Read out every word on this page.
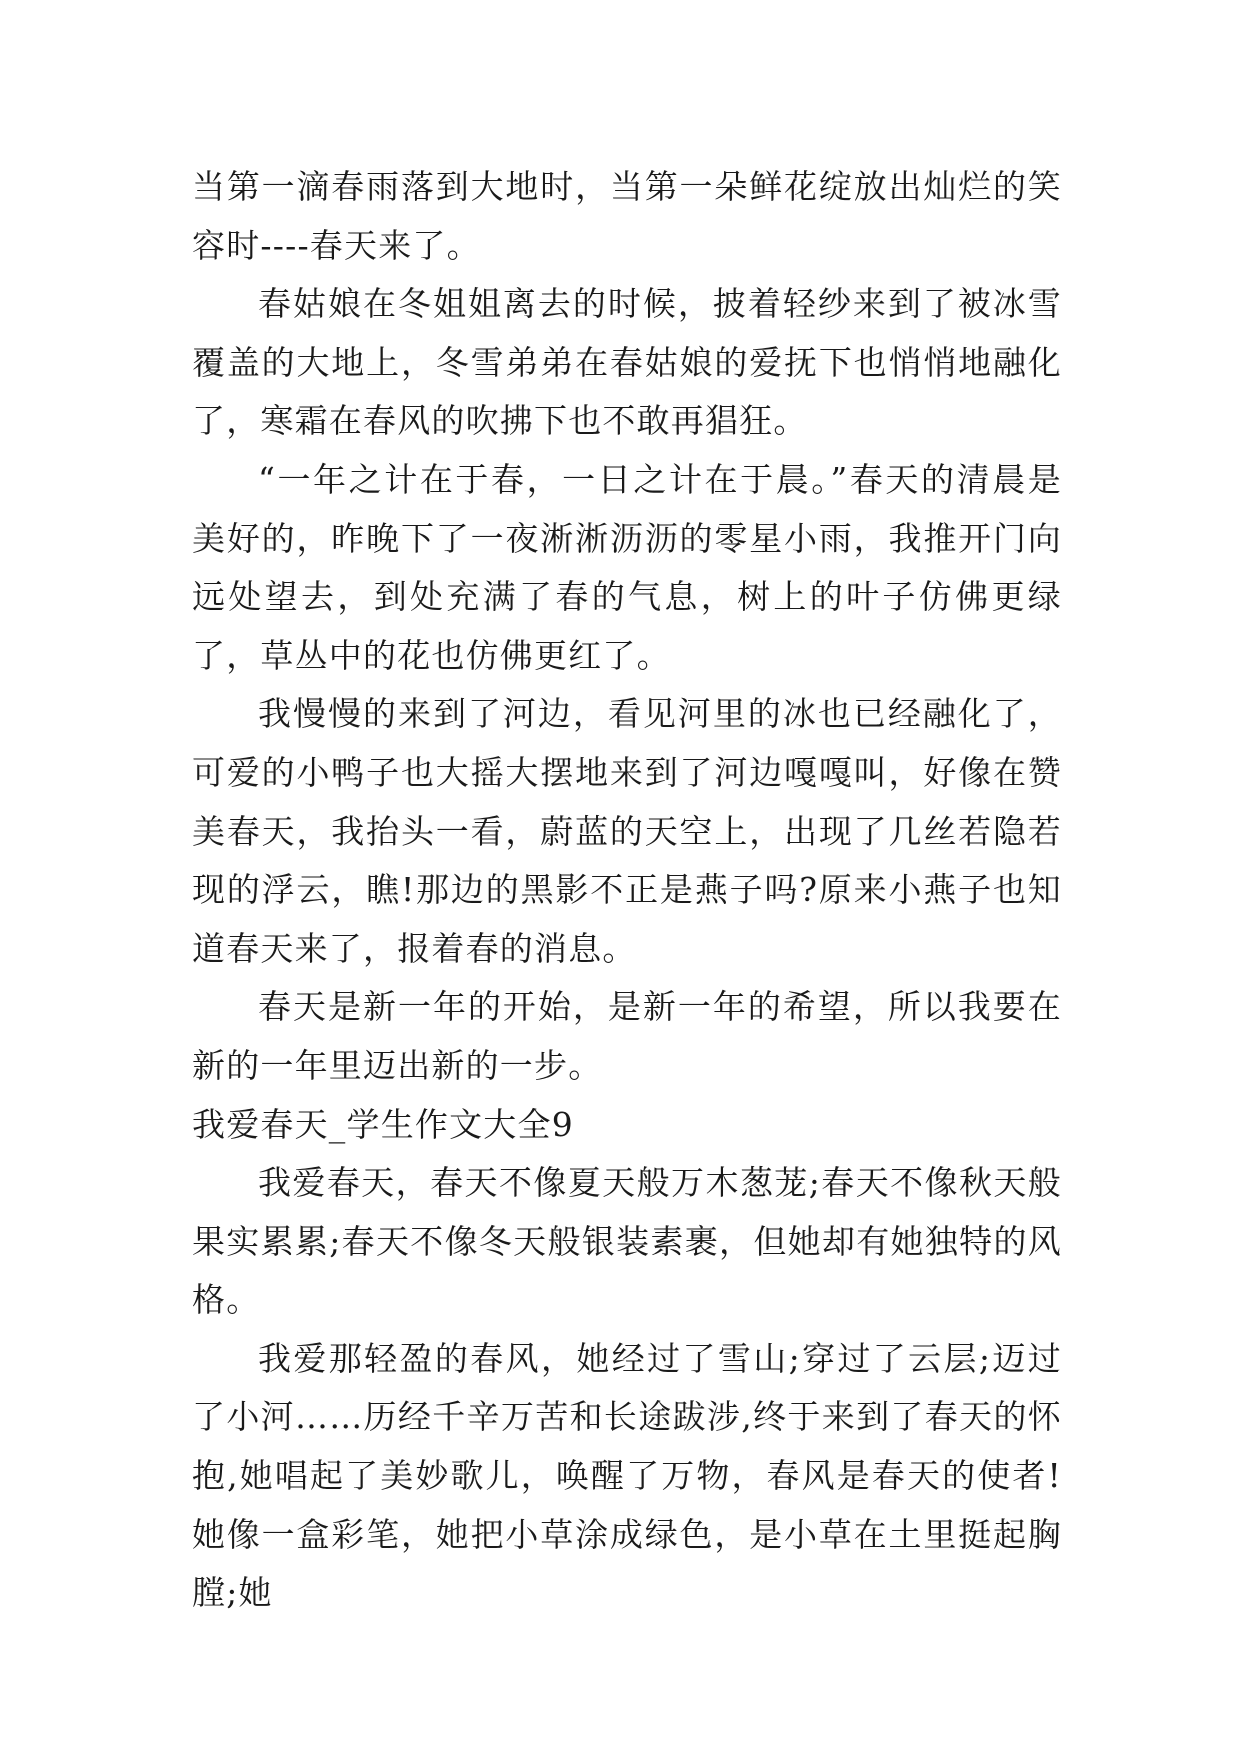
当第一滴春雨落到大地时，当第一朵鲜花绽放出灿烂的笑容时----春天来了。

春姑娘在冬姐姐离去的时候，披着轻纱来到了被冰雪覆盖的大地上，冬雪弟弟在春姑娘的爱抚下也悄悄地融化了，寒霜在春风的吹拂下也不敢再猖狂。

“一年之计在于春，一日之计在于晨。”春天的清晨是美好的，昨晚下了一夜淅淅沥沥的零星小雨，我推开门向远处望去，到处充满了春的气息，树上的叶子仿佛更绿了，草丛中的花也仿佛更红了。

我慢慢的来到了河边，看见河里的冰也已经融化了，可爱的小鸭子也大摇大摆地来到了河边嘎嘎叫，好像在赞美春天，我抬头一看，蔚蓝的天空上，出现了几丝若隐若现的浮云，瞧!那边的黑影不正是燕子吗?原来小燕子也知道春天来了，报着春的消息。

春天是新一年的开始，是新一年的希望，所以我要在新的一年里迈出新的一步。

我爱春天_学生作文大全9

我爱春天，春天不像夏天般万木葱茏;春天不像秋天般果实累累;春天不像冬天般银装素裹，但她却有她独特的风格。

我爱那轻盈的春风，她经过了雪山;穿过了云层;迈过了小河……历经千辛万苦和长途跋涉,终于来到了春天的怀抱,她唱起了美妙歌儿，唤醒了万物，春风是春天的使者!她像一盒彩笔，她把小草涂成绿色，是小草在土里挺起胸膛;她
